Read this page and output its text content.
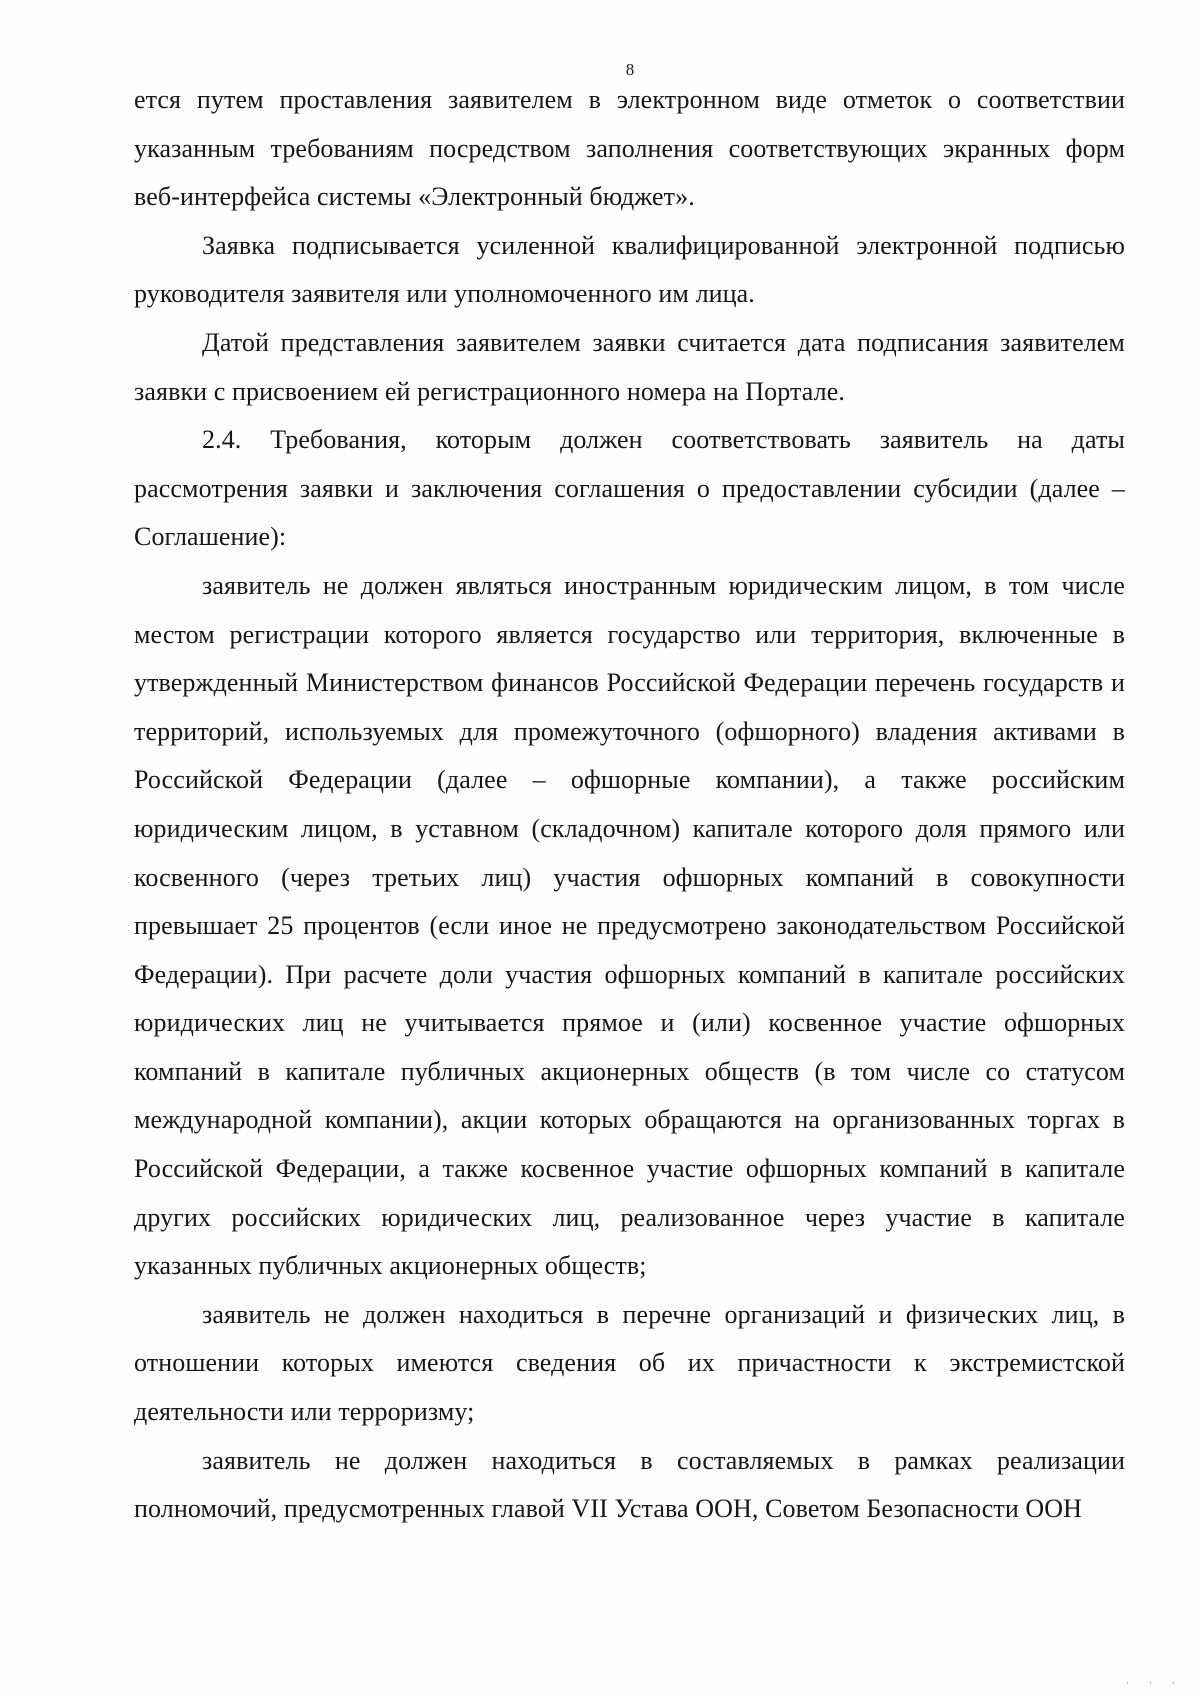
8

ется путем проставления заявителем в электронном виде отметок о соответствии указанным требованиям посредством заполнения соответствующих экранных форм веб-интерфейса системы «Электронный бюджет».

Заявка подписывается усиленной квалифицированной электронной подписью руководителя заявителя или уполномоченного им лица.

Датой представления заявителем заявки считается дата подписания заявителем заявки с присвоением ей регистрационного номера на Портале.

2.4. Требования, которым должен соответствовать заявитель на даты рассмотрения заявки и заключения соглашения о предоставлении субсидии (далее – Соглашение):

заявитель не должен являться иностранным юридическим лицом, в том числе местом регистрации которого является государство или территория, включенные в утвержденный Министерством финансов Российской Федерации перечень государств и территорий, используемых для промежуточного (офшорного) владения активами в Российской Федерации (далее – офшорные компании), а также российским юридическим лицом, в уставном (складочном) капитале которого доля прямого или косвенного (через третьих лиц) участия офшорных компаний в совокупности превышает 25 процентов (если иное не предусмотрено законодательством Российской Федерации). При расчете доли участия офшорных компаний в капитале российских юридических лиц не учитывается прямое и (или) косвенное участие офшорных компаний в капитале публичных акционерных обществ (в том числе со статусом международной компании), акции которых обращаются на организованных торгах в Российской Федерации, а также косвенное участие офшорных компаний в капитале других российских юридических лиц, реализованное через участие в капитале указанных публичных акционерных обществ;

заявитель не должен находиться в перечне организаций и физических лиц, в отношении которых имеются сведения об их причастности к экстремистской деятельности или терроризму;

заявитель не должен находиться в составляемых в рамках реализации полномочий, предусмотренных главой VII Устава ООН, Советом Безопасности ООН

· · ·
